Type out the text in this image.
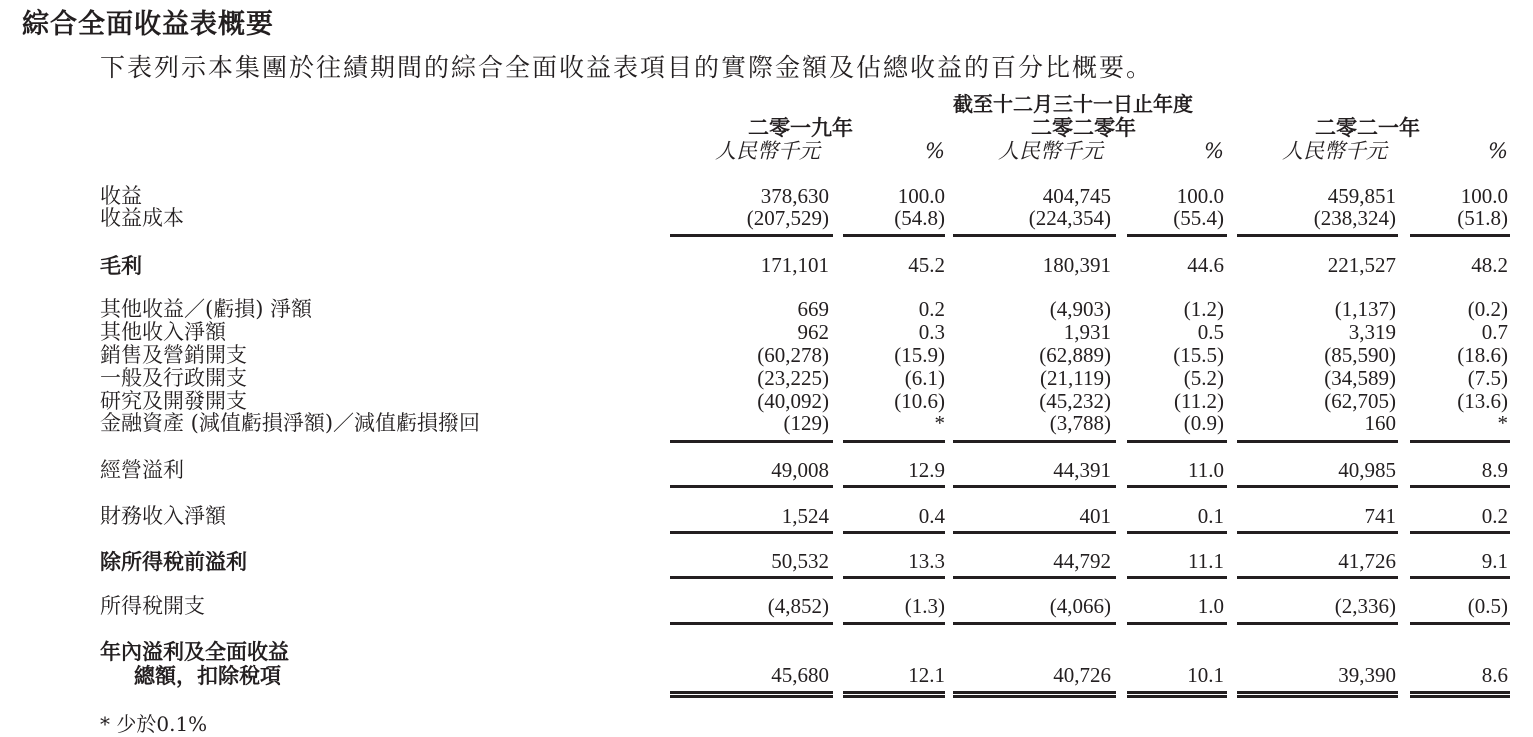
綜合全面收益表概要
下表列示本集團於往績期間的綜合全面收益表項目的實際金額及佔總收益的百分比概要。
截至十二月三十一日止年度
二零一九年
人民幣千元	%
二零二零年
人民幣千元	%
二零二一年
人民幣千元	%
收益	378,630	100.0	404,745	100.0	459,851	100.0
收益成本	(207,529)	(54.8)	(224,354)	(55.4)	(238,324)	(51.8)
毛利	171,101	45.2	180,391	44.6	221,527	48.2
其他收益／(虧損) 淨額	669	0.2	(4,903)	(1.2)	(1,137)	(0.2)
其他收入淨額	962	0.3	1,931	0.5	3,319	0.7
銷售及營銷開支	(60,278)	(15.9)	(62,889)	(15.5)	(85,590)	(18.6)
一般及行政開支	(23,225)	(6.1)	(21,119)	(5.2)	(34,589)	(7.5)
研究及開發開支	(40,092)	(10.6)	(45,232)	(11.2)	(62,705)	(13.6)
金融資產 (減值虧損淨額)／減值虧損撥回	(129)	*	(3,788)	(0.9)	160	*
經營溢利	49,008	12.9	44,391	11.0	40,985	8.9
財務收入淨額	1,524	0.4	401	0.1	741	0.2
除所得稅前溢利	50,532	13.3	44,792	11.1	41,726	9.1
所得稅開支	(4,852)	(1.3)	(4,066)	1.0	(2,336)	(0.5)
年內溢利及全面收益
總額，扣除稅項	45,680	12.1	40,726	10.1	39,390	8.6
* 少於0.1%
